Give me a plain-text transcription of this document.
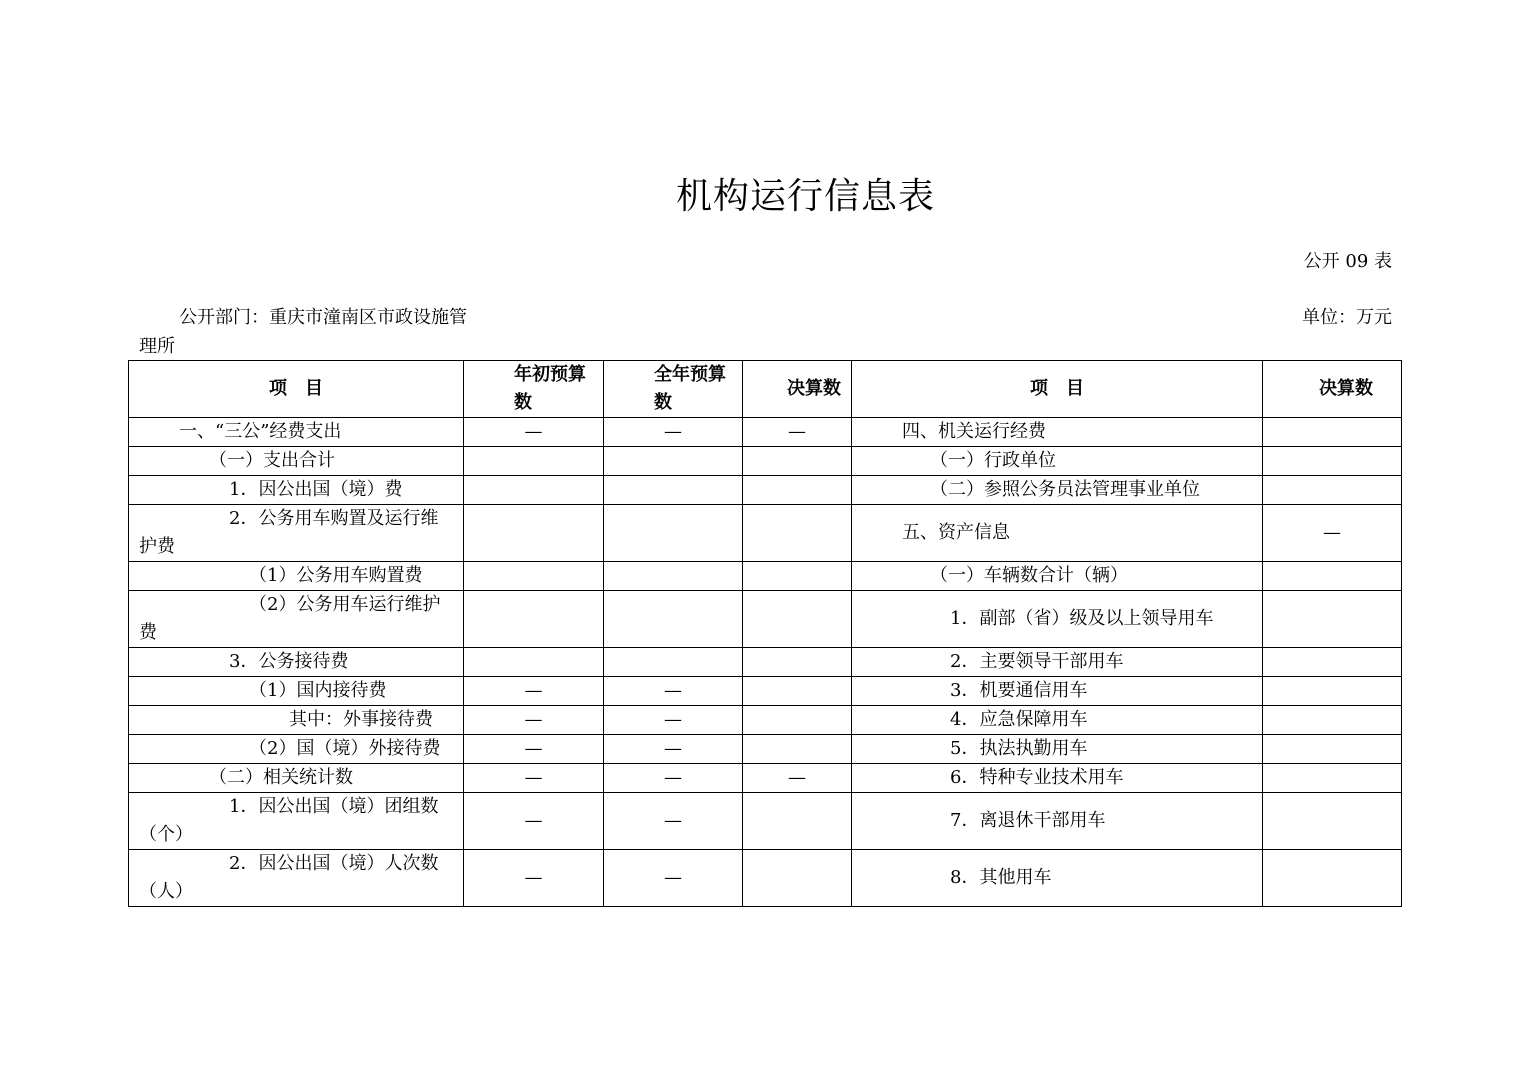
机构运行信息表
公开 09 表
公开部门：重庆市潼南区市政设施管理所
单位：万元
项　目	年初预算数	全年预算数	决算数	项　目	决算数
一、“三公”经费支出	—	—	—	四、机关运行经费	
（一）支出合计				（一）行政单位	
1．因公出国（境）费				（二）参照公务员法管理事业单位	
2．公务用车购置及运行维护费				五、资产信息	—
（1）公务用车购置费				（一）车辆数合计（辆）	
（2）公务用车运行维护费				1．副部（省）级及以上领导用车	
3．公务接待费				2．主要领导干部用车	
（1）国内接待费	—	—		3．机要通信用车	
其中：外事接待费	—	—		4．应急保障用车	
（2）国（境）外接待费	—	—		5．执法执勤用车	
（二）相关统计数	—	—	—	6．特种专业技术用车	
1．因公出国（境）团组数（个）	—	—		7．离退休干部用车	
2．因公出国（境）人次数（人）	—	—		8．其他用车	
